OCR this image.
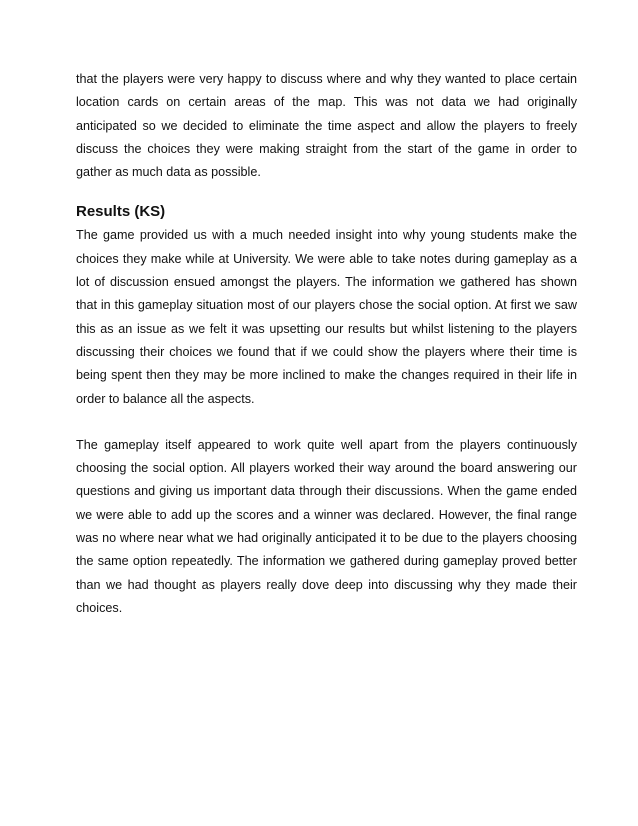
that the players were very happy to discuss where and why they wanted to place certain location cards on certain areas of the map. This was not data we had originally anticipated so we decided to eliminate the time aspect and allow the players to freely discuss the choices they were making straight from the start of the game in order to gather as much data as possible.

Results (KS)

The game provided us with a much needed insight into why young students make the choices they make while at University. We were able to take notes during gameplay as a lot of discussion ensued amongst the players. The information we gathered has shown that in this gameplay situation most of our players chose the social option. At first we saw this as an issue as we felt it was upsetting our results but whilst listening to the players discussing their choices we found that if we could show the players where their time is being spent then they may be more inclined to make the changes required in their life in order to balance all the aspects.

The gameplay itself appeared to work quite well apart from the players continuously choosing the social option. All players worked their way around the board answering our questions and giving us important data through their discussions. When the game ended we were able to add up the scores and a winner was declared. However, the final range was no where near what we had originally anticipated it to be due to the players choosing the same option repeatedly. The information we gathered during gameplay proved better than we had thought as players really dove deep into discussing why they made their choices.
